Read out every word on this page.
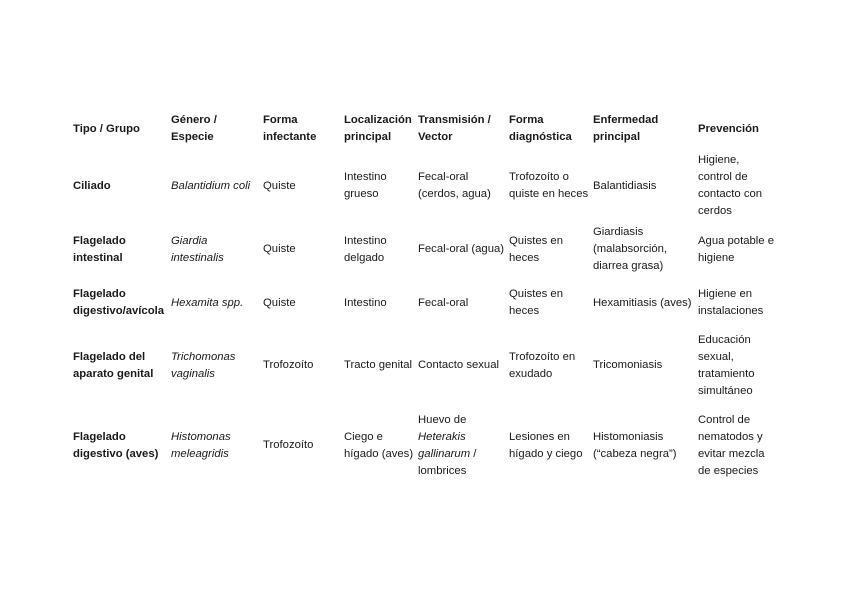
Tipo / Grupo	Género / Especie	Forma infectante	Localización principal	Transmisión / Vector	Forma diagnóstica	Enfermedad principal	Prevención
Ciliado	Balantidium coli	Quiste	Intestino grueso	Fecal-oral (cerdos, agua)	Trofozoíto o quiste en heces	Balantidiasis	Higiene, control de contacto con cerdos
Flagelado intestinal	Giardia intestinalis	Quiste	Intestino delgado	Fecal-oral (agua)	Quistes en heces	Giardiasis (malabsorción, diarrea grasa)	Agua potable e higiene
Flagelado digestivo/avícola	Hexamita spp.	Quiste	Intestino	Fecal-oral	Quistes en heces	Hexamitiasis (aves)	Higiene en instalaciones
Flagelado del aparato genital	Trichomonas vaginalis	Trofozoíto	Tracto genital	Contacto sexual	Trofozoíto en exudado	Tricomoniasis	Educación sexual, tratamiento simultáneo
Flagelado digestivo (aves)	Histomonas meleagridis	Trofozoíto	Ciego e hígado (aves)	Huevo de Heterakis gallinarum / lombrices	Lesiones en hígado y ciego	Histomoniasis (“cabeza negra”)	Control de nematodos y evitar mezcla de especies
